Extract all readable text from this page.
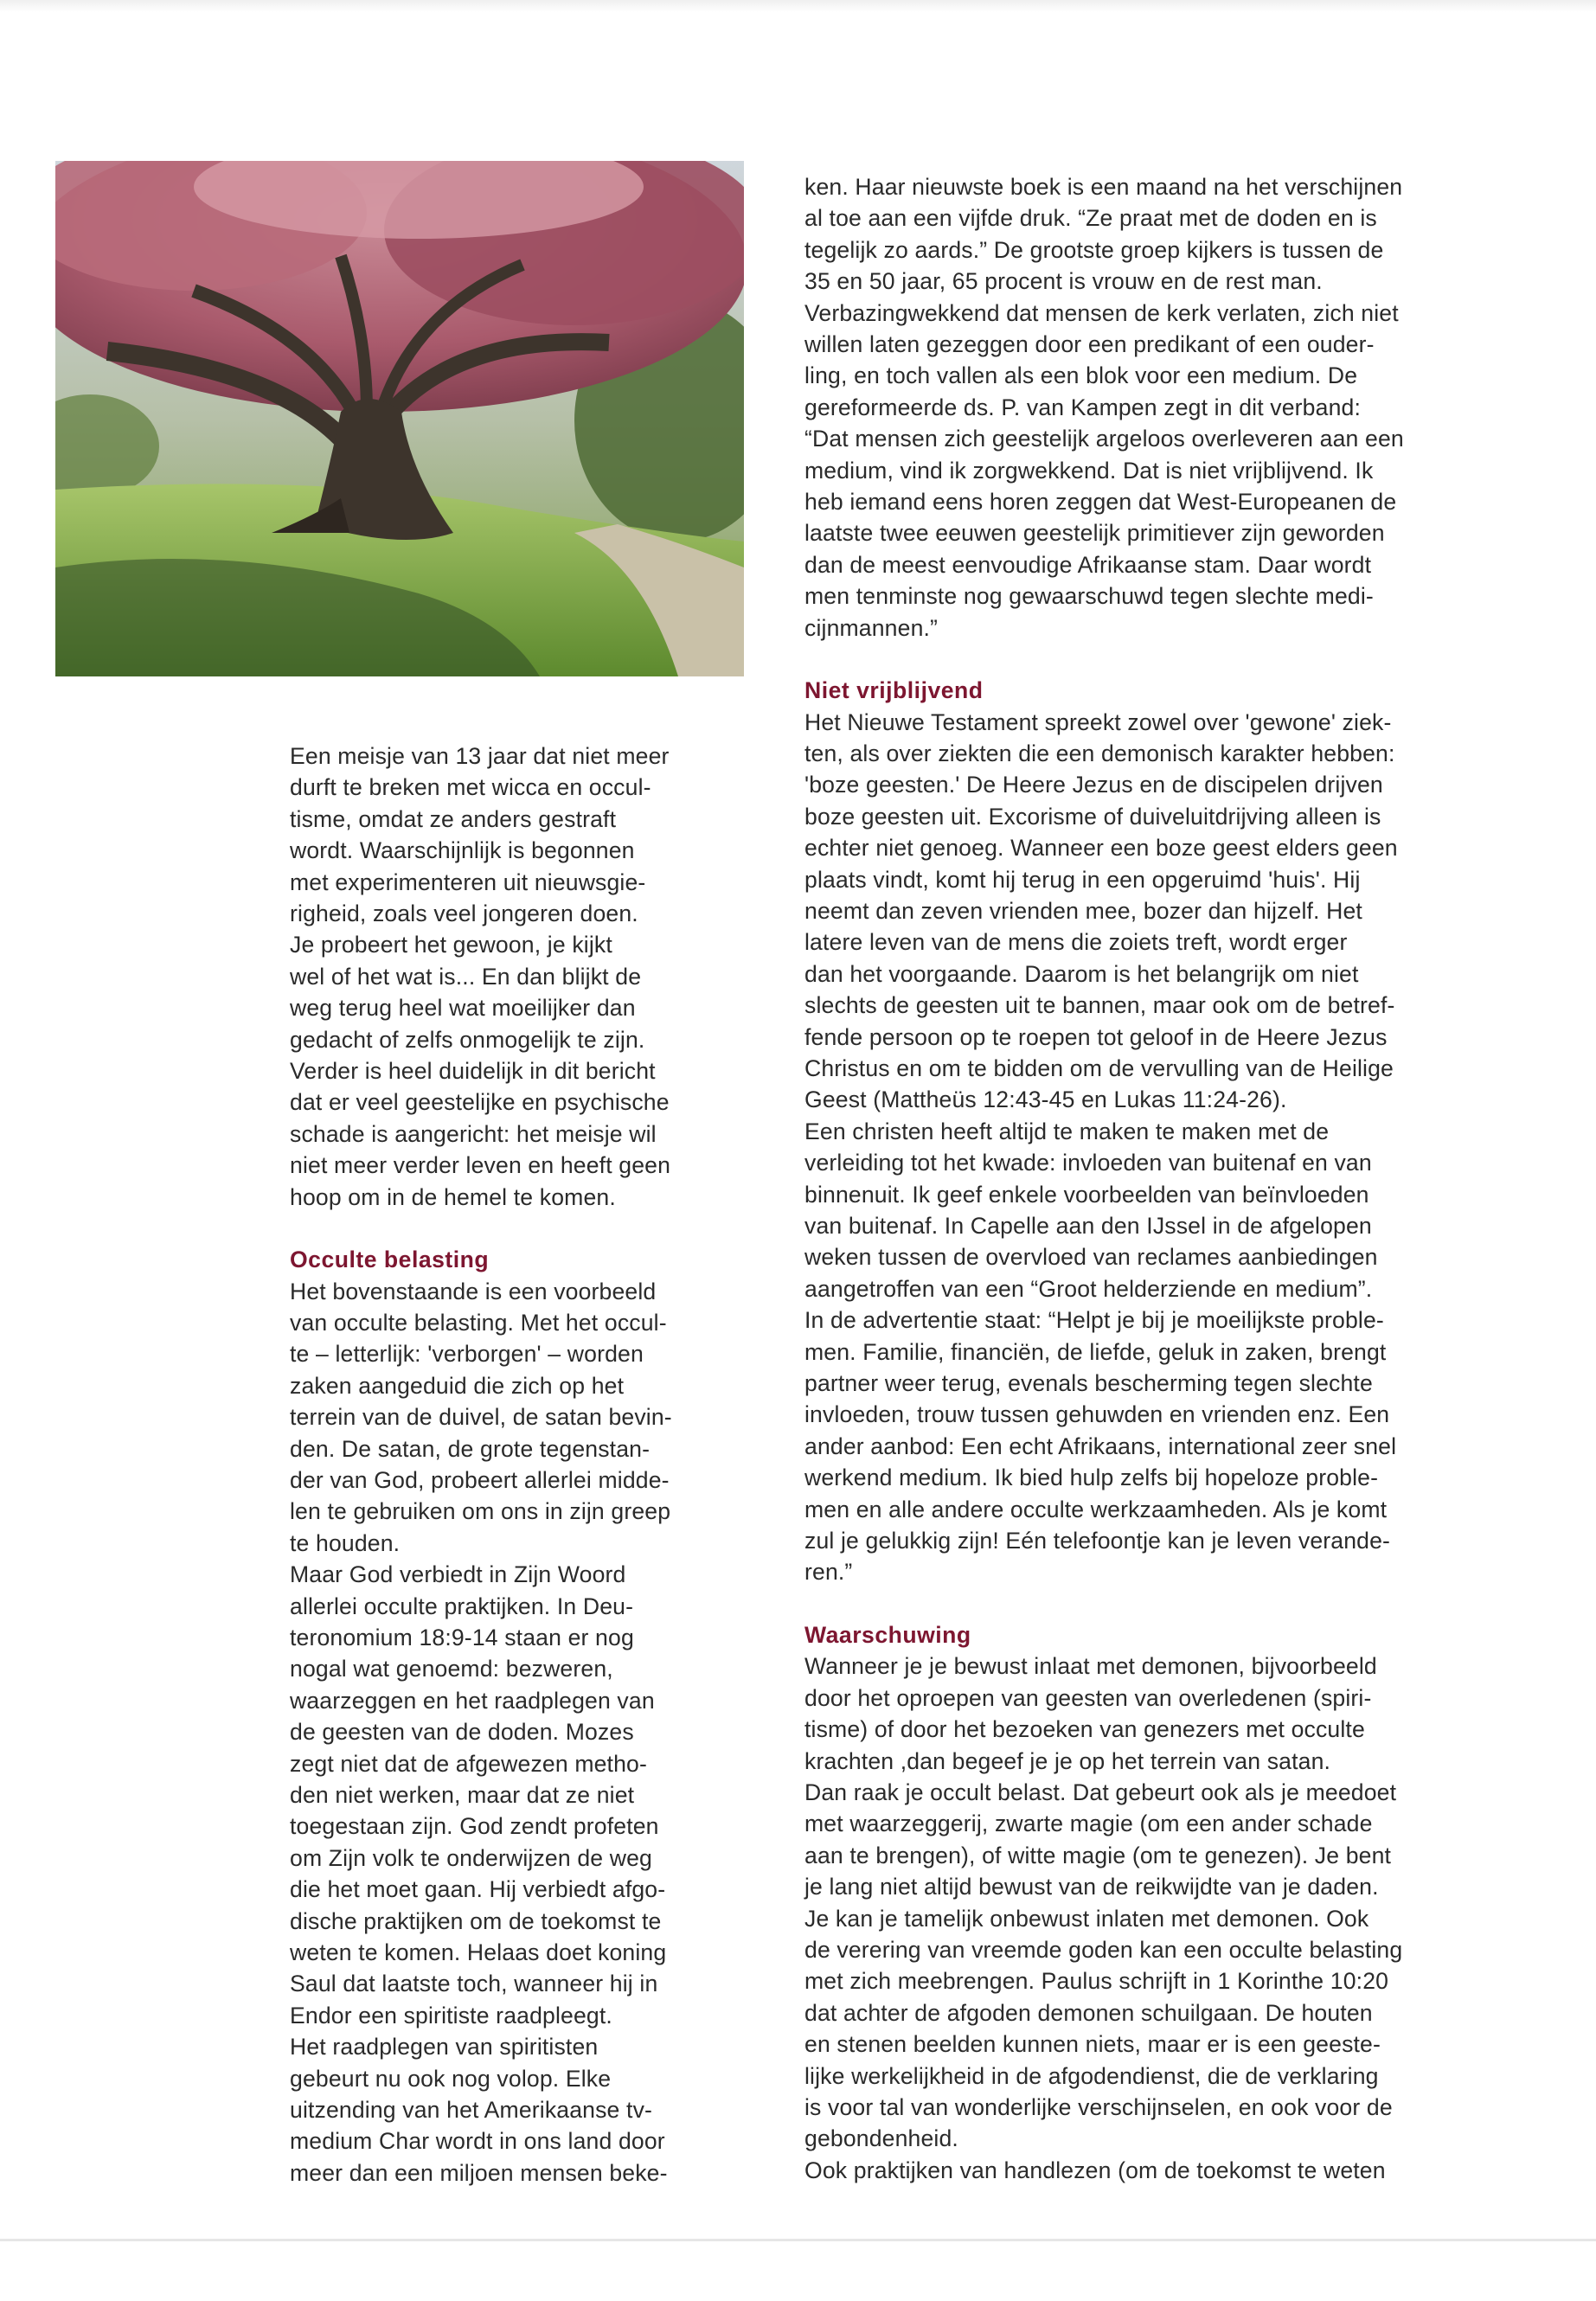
Een meisje van 13 jaar dat niet meer

durft te breken met wicca en occul-

tisme, omdat ze anders gestraft

wordt. Waarschijnlijk is begonnen

met experimenteren uit nieuwsgie-

righeid, zoals veel jongeren doen.

Je probeert het gewoon, je kijkt

wel of het wat is... En dan blijkt de

weg terug heel wat moeilijker dan

gedacht of zelfs onmogelijk te zijn.

Verder is heel duidelijk in dit bericht

dat er veel geestelijke en psychische

schade is aangericht: het meisje wil

niet meer verder leven en heeft geen

hoop om in de hemel te komen.

Occulte belasting

Het bovenstaande is een voorbeeld

van occulte belasting. Met het occul-

te – letterlijk: 'verborgen' – worden

zaken aangeduid die zich op het

terrein van de duivel, de satan bevin-

den. De satan, de grote tegenstan-

der van God, probeert allerlei midde-

len te gebruiken om ons in zijn greep

te houden.

Maar God verbiedt in Zijn Woord

allerlei occulte praktijken. In Deu-

teronomium 18:9-14 staan er nog

nogal wat genoemd: bezweren,

waarzeggen en het raadplegen van

de geesten van de doden. Mozes

zegt niet dat de afgewezen metho-

den niet werken, maar dat ze niet

toegestaan zijn. God zendt profeten

om Zijn volk te onderwijzen de weg

die het moet gaan. Hij verbiedt afgo-

dische praktijken om de toekomst te

weten te komen. Helaas doet koning

Saul dat laatste toch, wanneer hij in

Endor een spiritiste raadpleegt.

Het raadplegen van spiritisten

gebeurt nu ook nog volop. Elke

uitzending van het Amerikaanse tv-

medium Char wordt in ons land door

meer dan een miljoen mensen beke-

ken. Haar nieuwste boek is een maand na het verschijnen

al toe aan een vijfde druk. “Ze praat met de doden en is

tegelijk zo aards.” De grootste groep kijkers is tussen de

35 en 50 jaar, 65 procent is vrouw en de rest man.

Verbazingwekkend dat mensen de kerk verlaten, zich niet

willen laten gezeggen door een predikant of een ouder-

ling, en toch vallen als een blok voor een medium. De

gereformeerde ds. P. van Kampen zegt in dit verband:

“Dat mensen zich geestelijk argeloos overleveren aan een

medium, vind ik zorgwekkend. Dat is niet vrijblijvend. Ik

heb iemand eens horen zeggen dat West-Europeanen de

laatste twee eeuwen geestelijk primitiever zijn geworden

dan de meest eenvoudige Afrikaanse stam. Daar wordt

men tenminste nog gewaarschuwd tegen slechte medi-

cijnmannen.”

Niet vrijblijvend

Het Nieuwe Testament spreekt zowel over 'gewone' ziek-

ten, als over ziekten die een demonisch karakter hebben:

'boze geesten.' De Heere Jezus en de discipelen drijven

boze geesten uit. Excorisme of duiveluitdrijving alleen is

echter niet genoeg. Wanneer een boze geest elders geen

plaats vindt, komt hij terug in een opgeruimd 'huis'. Hij

neemt dan zeven vrienden mee, bozer dan hijzelf. Het

latere leven van de mens die zoiets treft, wordt erger

dan het voorgaande. Daarom is het belangrijk om niet

slechts de geesten uit te bannen, maar ook om de betref-

fende persoon op te roepen tot geloof in de Heere Jezus

Christus en om te bidden om de vervulling van de Heilige

Geest (Mattheüs 12:43-45 en Lukas 11:24-26).

Een christen heeft altijd te maken te maken met de

verleiding tot het kwade: invloeden van buitenaf en van

binnenuit. Ik geef enkele voorbeelden van beïnvloeden

van buitenaf. In Capelle aan den IJssel in de afgelopen

weken tussen de overvloed van reclames aanbiedingen

aangetroffen van een “Groot helderziende en medium”.

In de advertentie staat: “Helpt je bij je moeilijkste proble-

men. Familie, financiën, de liefde, geluk in zaken, brengt

partner weer terug, evenals bescherming tegen slechte

invloeden, trouw tussen gehuwden en vrienden enz. Een

ander aanbod: Een echt Afrikaans, international zeer snel

werkend medium. Ik bied hulp zelfs bij hopeloze proble-

men en alle andere occulte werkzaamheden. Als je komt

zul je gelukkig zijn! Eén telefoontje kan je leven verande-

ren.”

Waarschuwing

Wanneer je je bewust inlaat met demonen, bijvoorbeeld

door het oproepen van geesten van overledenen (spiri-

tisme) of door het bezoeken van genezers met occulte

krachten ,dan begeef je je op het terrein van satan.

Dan raak je occult belast. Dat gebeurt ook als je meedoet

met waarzeggerij, zwarte magie (om een ander schade

aan te brengen), of witte magie (om te genezen). Je bent

je lang niet altijd bewust van de reikwijdte van je daden.

Je kan je tamelijk onbewust inlaten met demonen. Ook

de verering van vreemde goden kan een occulte belasting

met zich meebrengen. Paulus schrijft in 1 Korinthe 10:20

dat achter de afgoden demonen schuilgaan. De houten

en stenen beelden kunnen niets, maar er is een geeste-

lijke werkelijkheid in de afgodendienst, die de verklaring

is voor tal van wonderlijke verschijnselen, en ook voor de

gebondenheid.

Ook praktijken van handlezen (om de toekomst te weten
